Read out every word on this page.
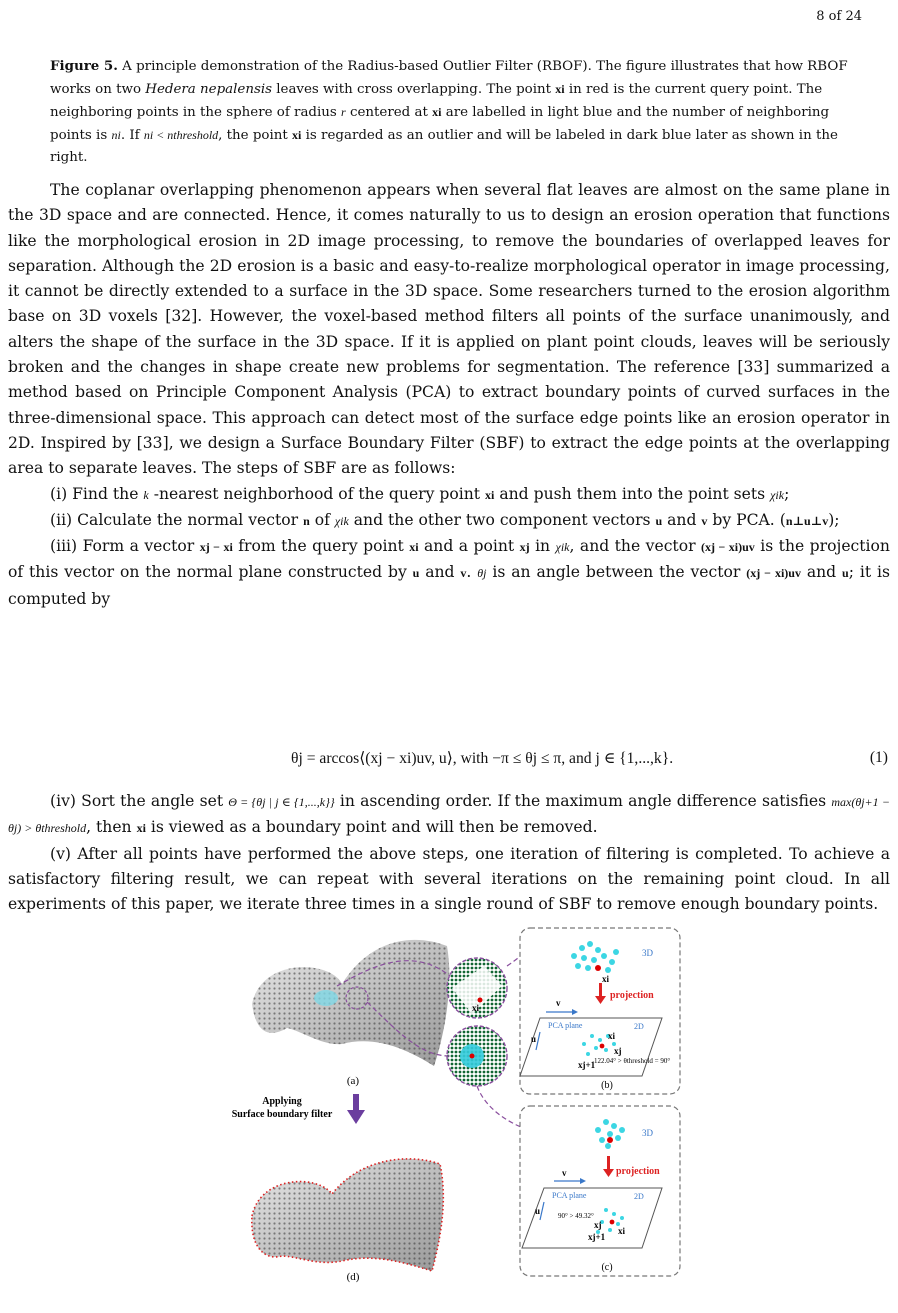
8 of 24
Figure 5. A principle demonstration of the Radius-based Outlier Filter (RBOF). The figure illustrates that how RBOF works on two Hedera nepalensis leaves with cross overlapping. The point xi in red is the current query point. The neighboring points in the sphere of radius r centered at xi are labelled in light blue and the number of neighboring points is ni. If ni < nthreshold, the point xi is regarded as an outlier and will be labeled in dark blue later as shown in the right.

The coplanar overlapping phenomenon appears when several flat leaves are almost on the same plane in the 3D space and are connected. Hence, it comes naturally to us to design an erosion operation that functions like the morphological erosion in 2D image processing, to remove the boundaries of overlapped leaves for separation. Although the 2D erosion is a basic and easy-to-realize morphological operator in image processing, it cannot be directly extended to a surface in the 3D space. Some researchers turned to the erosion algorithm base on 3D voxels [32]. However, the voxel-based method filters all points of the surface unanimously, and alters the shape of the surface in the 3D space. If it is applied on plant point clouds, leaves will be seriously broken and the changes in shape create new problems for segmentation. The reference [33] summarized a method based on Principle Component Analysis (PCA) to extract boundary points of curved surfaces in the three-dimensional space. This approach can detect most of the surface edge points like an erosion operator in 2D. Inspired by [33], we design a Surface Boundary Filter (SBF) to extract the edge points at the overlapping area to separate leaves. The steps of SBF are as follows:

(i) Find the k -nearest neighborhood of the query point xi and push them into the point sets χik;

(ii) Calculate the normal vector n of χik and the other two component vectors u and v by PCA. (n⊥u⊥v);

(iii) Form a vector xj − xi from the query point xi and a point xj in χik, and the vector (xj − xi)uv is the projection of this vector on the normal plane constructed by u and v. θj is an angle between the vector (xj − xi)uv and u; it is computed by

θj = arccos⟨(xj − xi)uv, u⟩, with −π ≤ θj ≤ π, and j ∈ {1,...,k}.	(1)

(iv) Sort the angle set Θ = {θj | j ∈ {1,...,k}} in ascending order. If the maximum angle difference satisfies max(θj+1 − θj) > θthreshold, then xi is viewed as a boundary point and will then be removed.

(v) After all points have performed the above steps, one iteration of filtering is completed. To achieve a satisfactory filtering result, we can repeat with several iterations on the remaining point cloud. In all experiments of this paper, we iterate three times in a single round of SBF to remove enough boundary points.

(a)
Applying
Surface boundary filter
(d)
xi
xi
3D
projection
v
PCA plane	2D
u	xi
xj
xj+1
122.04° > θthreshold = 90°
(b)
3D
projection
v
PCA plane	2D
u	90° > 49.32°
xj
xj+1
xi
(c)
